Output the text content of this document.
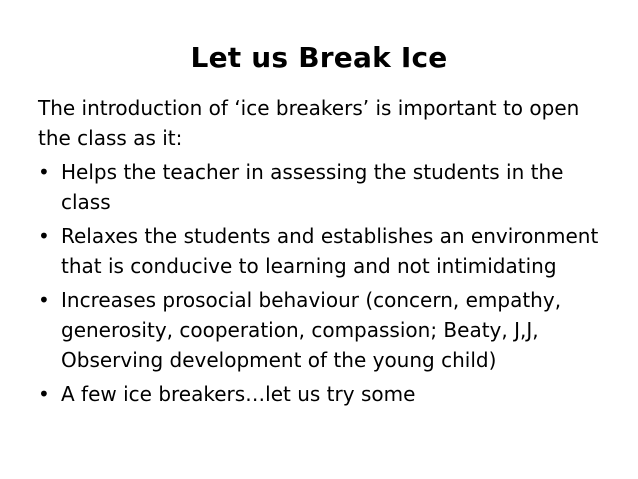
Let us Break Ice

The introduction of ‘ice breakers’ is important to open the class as it:

• Helps the teacher in assessing the students in the class
• Relaxes the students and establishes an environment that is conducive to learning and not intimidating
• Increases prosocial behaviour (concern, empathy, generosity, cooperation, compassion; Beaty, J,J, Observing development of the young child)
• A few ice breakers…let us try some
